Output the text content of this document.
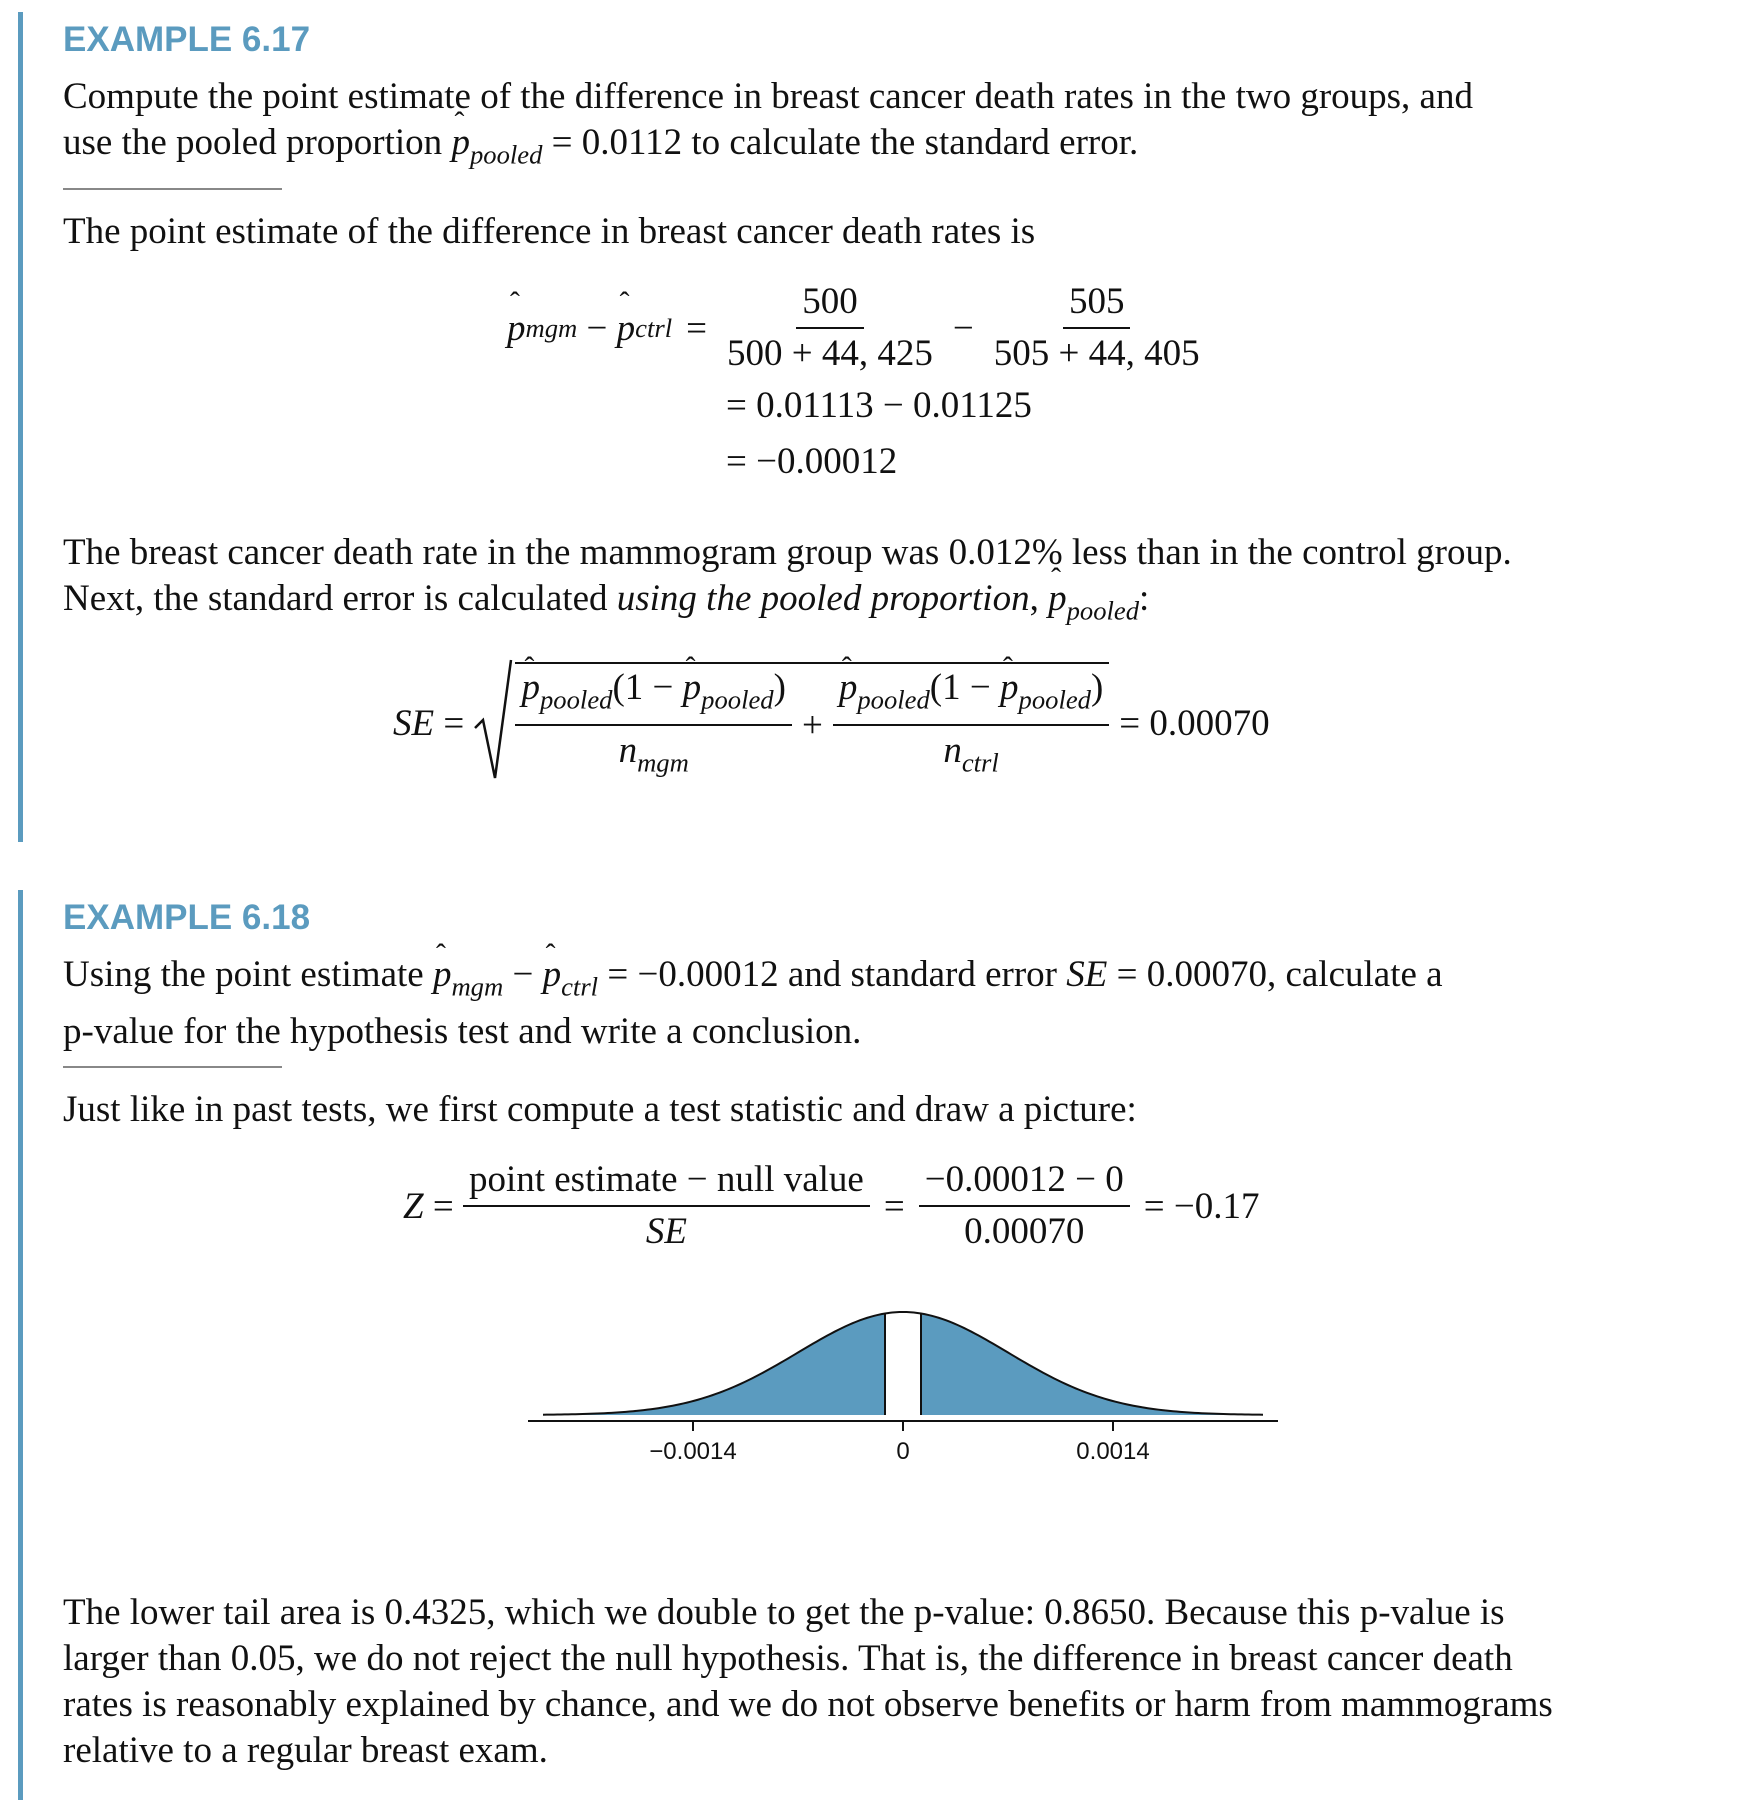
EXAMPLE 6.17
Compute the point estimate of the difference in breast cancer death rates in the two groups, and
use the pooled proportion ˆ $p_{pooled} = 0.0112$ to calculate the standard error.
The point estimate of the difference in breast cancer death rates is
ˆ p mgm − ˆ p ctrl = $\frac{500}{500 + 44, 425} - \frac{505}{505 + 44, 405}$
= 0.01113 − 0.01125
= −0.00012
The breast cancer death rate in the mammogram group was 0.012% less than in the control group.
Next, the standard error is calculated using the pooled proportion, ˆ $p_{pooled}$:
SE = ˆ $\frac{p_{pooled}(1 - ˆ p_{pooled})}{n_{mgm}}$ + ˆ $\frac{p_{pooled}(1 - ˆ p_{pooled})}{n_{ctrl}} = 0.00070$
EXAMPLE 6.18
Using the point estimate ˆ $p_{mgm}$ − ˆ $p_{ctrl} = -0.00012$ and standard error SE = 0.00070, calculate a
p-value for the hypothesis test and write a conclusion.
Just like in past tests, we first compute a test statistic and draw a picture:
$Z = \frac{\text{point estimate − null value}}{SE} = \frac{-0.00012 - 0}{0.00070} = -0.17$
−0.0014	0	0.0014
The lower tail area is 0.4325, which we double to get the p-value: 0.8650. Because this p-value is
larger than 0.05, we do not reject the null hypothesis. That is, the difference in breast cancer death
rates is reasonably explained by chance, and we do not observe benefits or harm from mammograms
relative to a regular breast exam.
